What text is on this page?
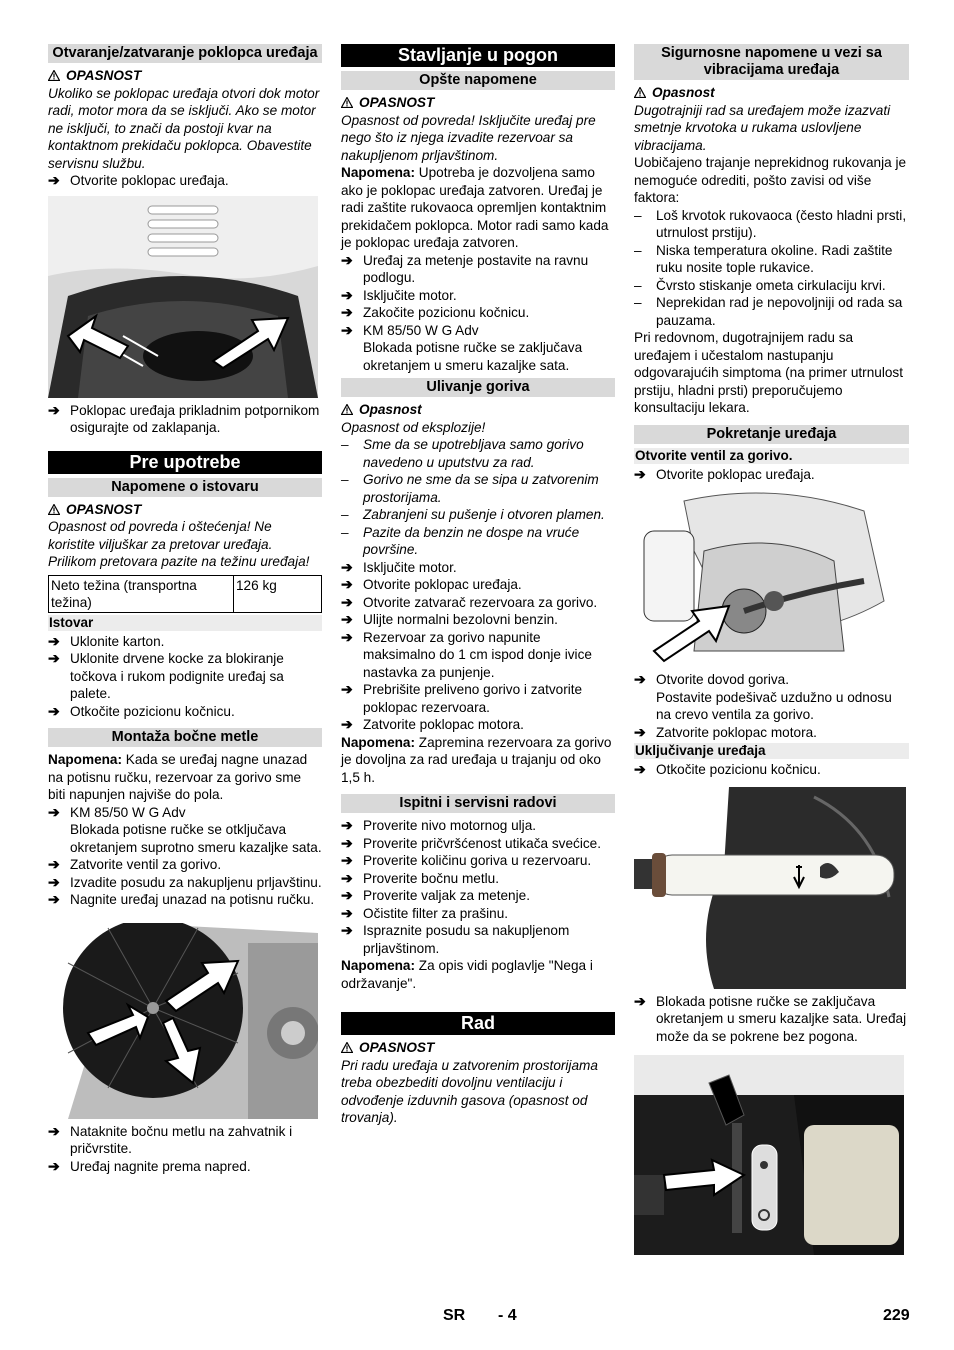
Otvaranje/zatvaranje poklopca uređaja
OPASNOST

Ukoliko se poklopac uređaja otvori dok motor radi, motor mora da se isključi. Ako se motor ne isključi, to znači da postoji kvar na kontaktnom prekidaču poklopca. Obavestite servisnu službu.

➔ Otvorite poklopac uređaja.
➔ Poklopac uređaja prikladnim potpornikom osigurajte od zaklapanja.
Pre upotrebe
Napomene o istovaru
OPASNOST

Opasnost od povreda i oštećenja! Ne koristite viljuškar za pretovar uređaja. Prilikom pretovara pazite na težinu uređaja!

Neto težina (transportna težina)	126 kg
Istovar
➔ Uklonite karton.
➔ Uklonite drvene kocke za blokiranje točkova i rukom podignite uređaj sa palete.
➔ Otkočite pozicionu kočnicu.
Montaža bočne metle

Napomena: Kada se uređaj nagne unazad na potisnu ručku, rezervoar za gorivo sme biti napunjen najviše do pola.

➔ KM 85/50 W G Adv
Blokada potisne ručke se otključava okretanjem suprotno smeru kazaljke sata.
➔ Zatvorite ventil za gorivo.
➔ Izvadite posudu za nakupljenu prljavštinu.
➔ Nagnite uređaj unazad na potisnu ručku.
➔ Nataknite bočnu metlu na zahvatnik i pričvrstite.
➔ Uređaj nagnite prema napred.
Stavljanje u pogon
Opšte napomene
OPASNOST

Opasnost od povreda! Isključite uređaj pre nego što iz njega izvadite rezervoar sa nakupljenom prljavštinom.

Napomena: Upotreba je dozvoljena samo ako je poklopac uređaja zatvoren. Uređaj je radi zaštite rukovaoca opremljen kontaktnim prekidačem poklopca. Motor radi samo kada je poklopac uređaja zatvoren.

➔ Uređaj za metenje postavite na ravnu podlogu.
➔ Isključite motor.
➔ Zakočite pozicionu kočnicu.
➔ KM 85/50 W G Adv
Blokada potisne ručke se zaključava okretanjem u smeru kazaljke sata.
Ulivanje goriva
Opasnost

Opasnost od eksplozije!

–	Sme da se upotrebljava samo gorivo navedeno u uputstvu za rad.
–	Gorivo ne sme da se sipa u zatvorenim prostorijama.
–	Zabranjeni su pušenje i otvoren plamen.
–	Pazite da benzin ne dospe na vruće površine.
➔ Isključite motor.
➔ Otvorite poklopac uređaja.
➔ Otvorite zatvarač rezervoara za gorivo.
➔ Ulijte normalni bezolovni benzin.
➔ Rezervoar za gorivo napunite maksimalno do 1 cm ispod donje ivice nastavka za punjenje.
➔ Prebrišite preliveno gorivo i zatvorite poklopac rezervoara.
➔ Zatvorite poklopac motora.

Napomena: Zapremina rezervoara za gorivo je dovoljna za rad uređaja u trajanju od oko 1,5 h.

Ispitni i servisni radovi
➔ Proverite nivo motornog ulja.
➔ Proverite pričvršćenost utikača svećice.
➔ Proverite količinu goriva u rezervoaru.
➔ Proverite bočnu metlu.
➔ Proverite valjak za metenje.
➔ Očistite filter za prašinu.
➔ Ispraznite posudu sa nakupljenom prljavštinom.

Napomena: Za opis vidi poglavlje "Nega i održavanje".

Rad
OPASNOST

Pri radu uređaja u zatvorenim prostorijama treba obezbediti dovoljnu ventilaciju i odvođenje izduvnih gasova (opasnost od trovanja).

Sigurnosne napomene u vezi sa vibracijama uređaja
Opasnost

Dugotrajniji rad sa uređajem može izazvati smetnje krvotoka u rukama uslovljene vibracijama.

Uobičajeno trajanje neprekidnog rukovanja je nemoguće odrediti, pošto zavisi od više faktora:

–	Loš krvotok rukovaoca (često hladni prsti, utrnulost prstiju).
–	Niska temperatura okoline. Radi zaštite ruku nosite tople rukavice.
–	Čvrsto stiskanje ometa cirkulaciju krvi.
–	Neprekidan rad je nepovoljniji od rada sa pauzama.

Pri redovnom, dugotrajnijem radu sa uređajem i učestalom nastupanju odgovarajućih simptoma (na primer utrnulost prstiju, hladni prsti) preporučujemo konsultaciju lekara.

Pokretanje uređaja
Otvorite ventil za gorivo.
➔ Otvorite poklopac uređaja.
➔ Otvorite dovod goriva.
Postavite podešivač uzdužno u odnosu na crevo ventila za gorivo.
➔ Zatvorite poklopac motora.
Uključivanje uređaja
➔ Otkočite pozicionu kočnicu.
➔ Blokada potisne ručke se zaključava okretanjem u smeru kazaljke sata. Uređaj može da se pokrene bez pogona.
SR - 4	229
